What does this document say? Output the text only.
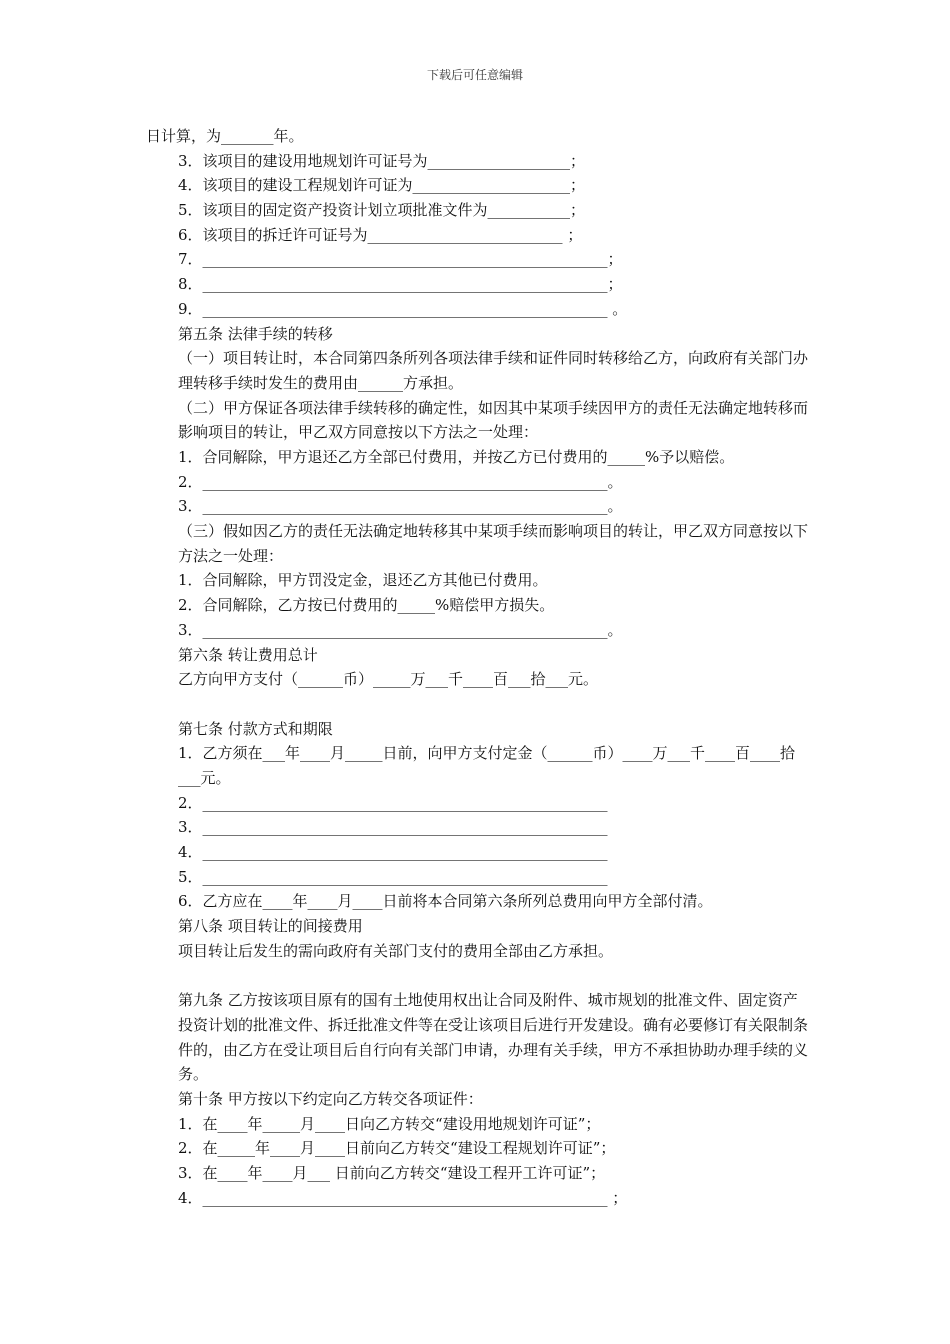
下载后可任意编辑
日计算，为_______年。
3．该项目的建设用地规划许可证号为___________________；
4．该项目的建设工程规划许可证为_____________________；
5．该项目的固定资产投资计划立项批准文件为___________；
6．该项目的拆迁许可证号为__________________________ ；
7．______________________________________________________；
8．______________________________________________________；
9．______________________________________________________ 。
第五条 法律手续的转移
（一）项目转让时，本合同第四条所列各项法律手续和证件同时转移给乙方，向政府有关部门办理转移手续时发生的费用由______方承担。
（二）甲方保证各项法律手续转移的确定性，如因其中某项手续因甲方的责任无法确定地转移而影响项目的转让，甲乙双方同意按以下方法之一处理：
1．合同解除，甲方退还乙方全部已付费用，并按乙方已付费用的_____%予以赔偿。
2．______________________________________________________。
3．______________________________________________________。
（三）假如因乙方的责任无法确定地转移其中某项手续而影响项目的转让，甲乙双方同意按以下方法之一处理：
1．合同解除，甲方罚没定金，退还乙方其他已付费用。
2．合同解除，乙方按已付费用的_____%赔偿甲方损失。
3．______________________________________________________。
第六条 转让费用总计
乙方向甲方支付（______币）_____万___千____百___拾___元。
第七条 付款方式和期限
1．乙方须在___年____月_____日前，向甲方支付定金（______币）____万___千____百____拾___元。
2．______________________________________________________
3．______________________________________________________
4．______________________________________________________
5．______________________________________________________
6．乙方应在____年____月____日前将本合同第六条所列总费用向甲方全部付清。
第八条 项目转让的间接费用
项目转让后发生的需向政府有关部门支付的费用全部由乙方承担。
第九条 乙方按该项目原有的国有土地使用权出让合同及附件、城市规划的批准文件、固定资产投资计划的批准文件、拆迁批准文件等在受让该项目后进行开发建设。确有必要修订有关限制条件的，由乙方在受让项目后自行向有关部门申请，办理有关手续，甲方不承担协助办理手续的义务。
第十条 甲方按以下约定向乙方转交各项证件：
1．在____年_____月____日向乙方转交“建设用地规划许可证”；
2．在_____年____月____日前向乙方转交“建设工程规划许可证”；
3．在____年____月___ 日前向乙方转交“建设工程开工许可证”；
4．______________________________________________________ ；
